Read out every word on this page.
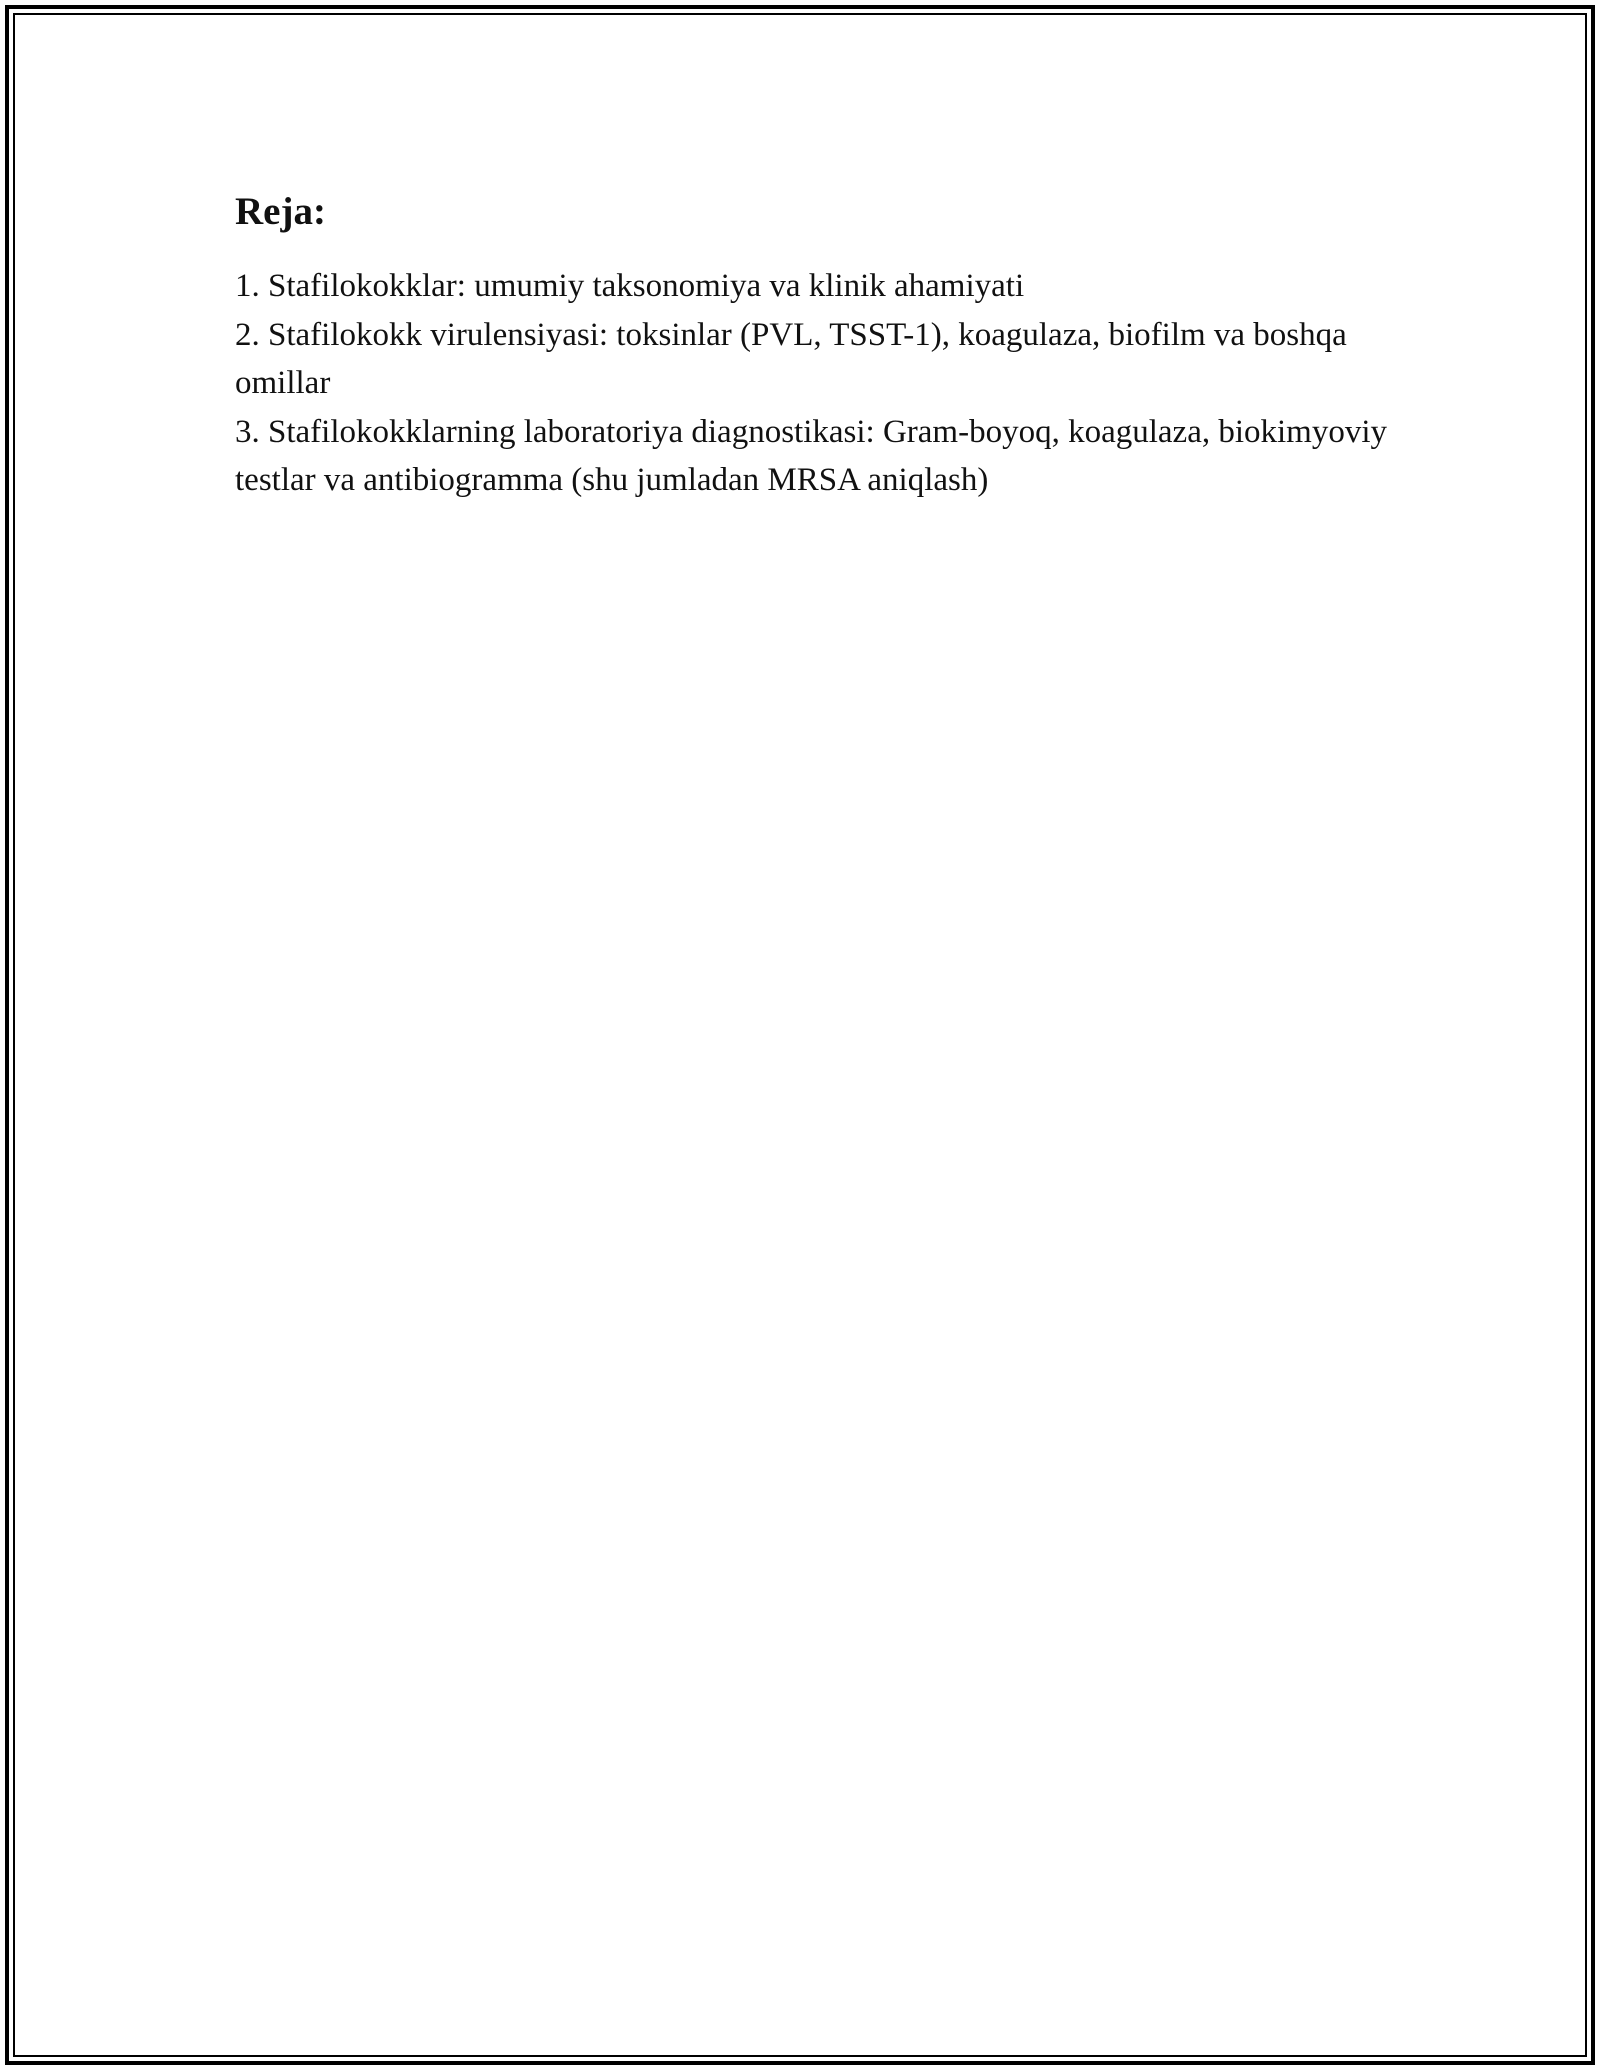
Reja:
1. Stafilokokklar: umumiy taksonomiya va klinik ahamiyati
2. Stafilokokk virulensiyasi: toksinlar (PVL, TSST-1), koagulaza, biofilm va boshqa omillar
3. Stafilokokklarning laboratoriya diagnostikasi: Gram-boyoq, koagulaza, biokimyoviy testlar va antibiogramma (shu jumladan MRSA aniqlash)
